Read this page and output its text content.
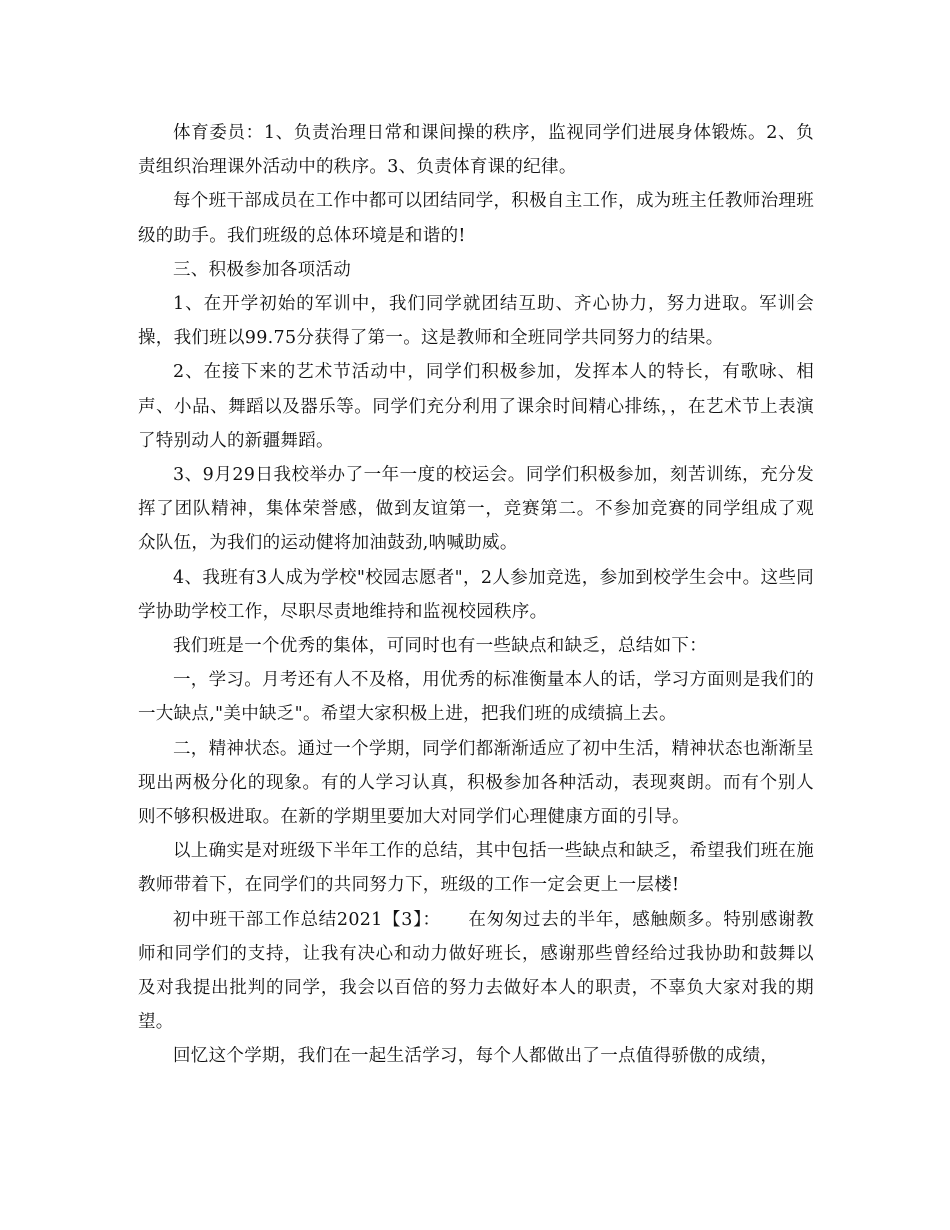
体育委员：1、负责治理日常和课间操的秩序，监视同学们进展身体锻炼。2、负责组织治理课外活动中的秩序。3、负责体育课的纪律。

每个班干部成员在工作中都可以团结同学，积极自主工作，成为班主任教师治理班级的助手。我们班级的总体环境是和谐的!

三、积极参加各项活动

1、在开学初始的军训中，我们同学就团结互助、齐心协力，努力进取。军训会操，我们班以99.75分获得了第一。这是教师和全班同学共同努力的结果。

2、在接下来的艺术节活动中，同学们积极参加，发挥本人的特长，有歌咏、相声、小品、舞蹈以及器乐等。同学们充分利用了课余时间精心排练，，在艺术节上表演了特别动人的新疆舞蹈。

3、9月29日我校举办了一年一度的校运会。同学们积极参加，刻苦训练，充分发挥了团队精神，集体荣誉感，做到友谊第一，竞赛第二。不参加竞赛的同学组成了观众队伍，为我们的运动健将加油鼓劲,呐喊助威。

4、我班有3人成为学校"校园志愿者"，2人参加竞选，参加到校学生会中。这些同学协助学校工作，尽职尽责地维持和监视校园秩序。

我们班是一个优秀的集体，可同时也有一些缺点和缺乏，总结如下：

一，学习。月考还有人不及格，用优秀的标准衡量本人的话，学习方面则是我们的一大缺点,"美中缺乏"。希望大家积极上进，把我们班的成绩搞上去。

二，精神状态。通过一个学期，同学们都渐渐适应了初中生活，精神状态也渐渐呈现出两极分化的现象。有的人学习认真，积极参加各种活动，表现爽朗。而有个别人则不够积极进取。在新的学期里要加大对同学们心理健康方面的引导。

以上确实是对班级下半年工作的总结，其中包括一些缺点和缺乏，希望我们班在施教师带着下，在同学们的共同努力下，班级的工作一定会更上一层楼!

初中班干部工作总结2021【3】：　　在匆匆过去的半年，感触颇多。特别感谢教师和同学们的支持，让我有决心和动力做好班长，感谢那些曾经给过我协助和鼓舞以及对我提出批判的同学，我会以百倍的努力去做好本人的职责，不辜负大家对我的期望。

回忆这个学期，我们在一起生活学习，每个人都做出了一点值得骄傲的成绩，
